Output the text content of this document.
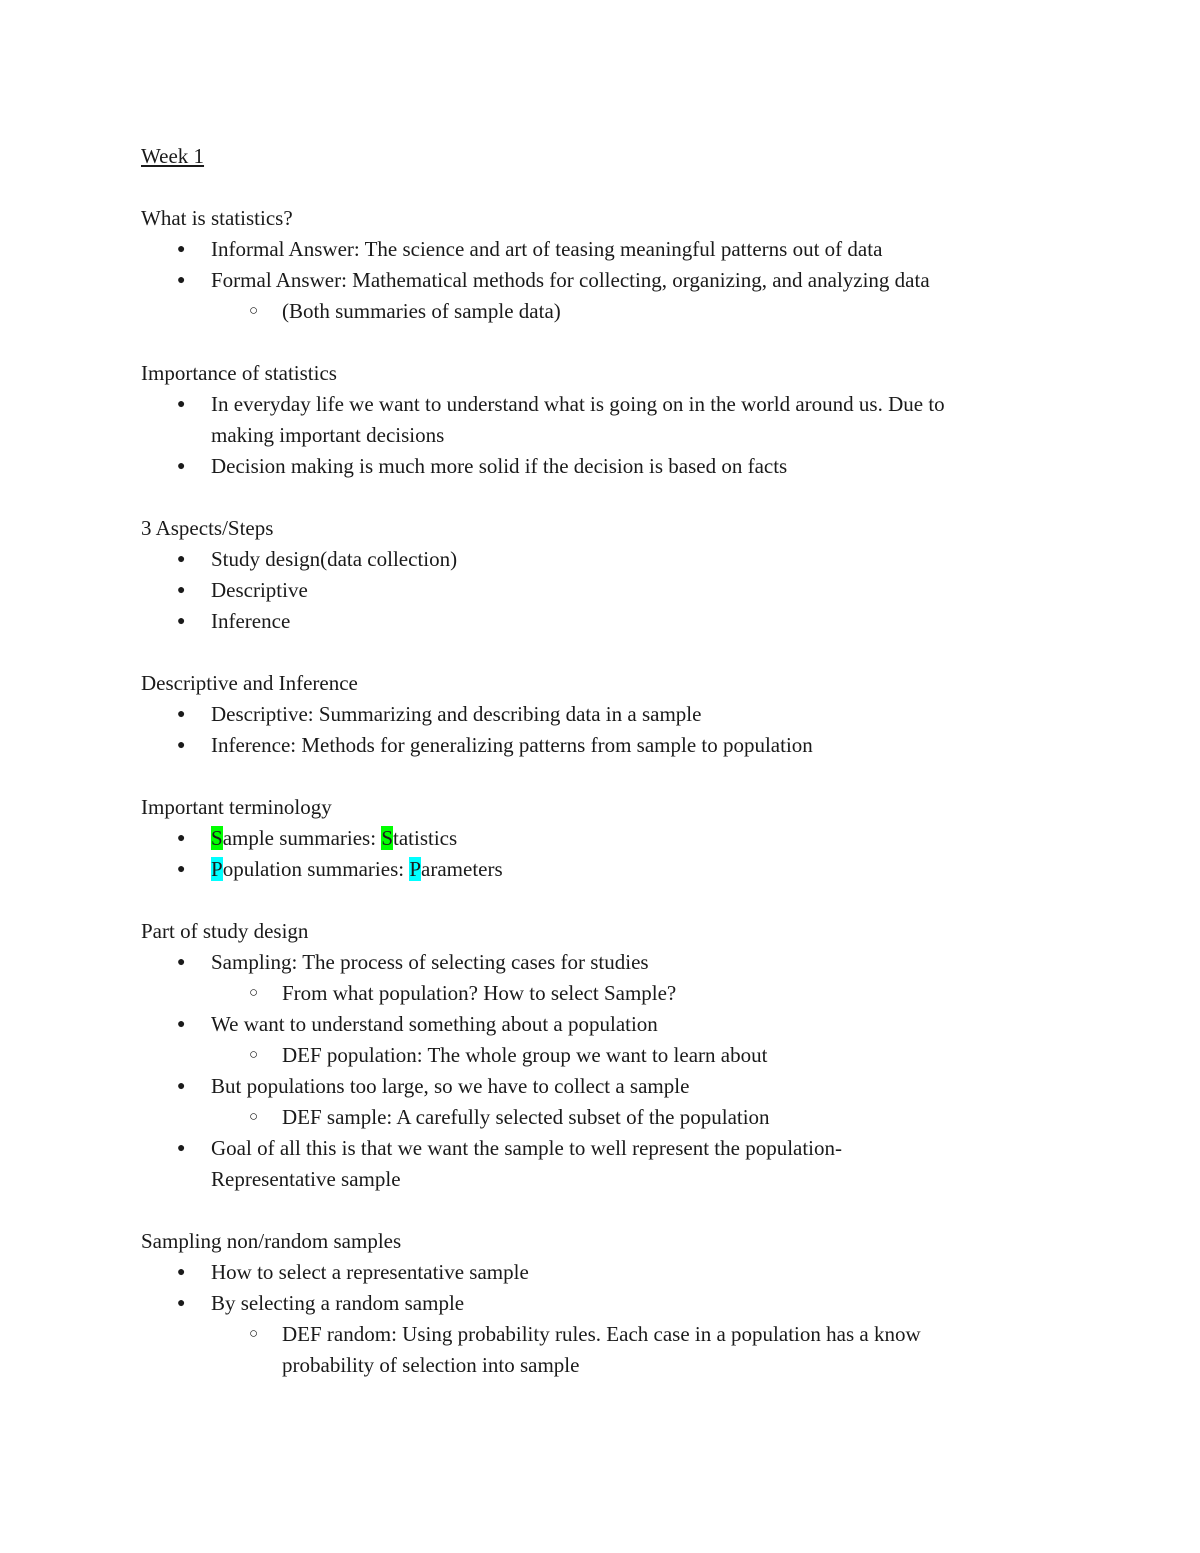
Week 1
What is statistics?
● Informal Answer: The science and art of teasing meaningful patterns out of data
● Formal Answer: Mathematical methods for collecting, organizing, and analyzing data
○ (Both summaries of sample data)
Importance of statistics
● In everyday life we want to understand what is going on in the world around us. Due to
making important decisions
● Decision making is much more solid if the decision is based on facts
3 Aspects/Steps
● Study design(data collection)
● Descriptive
● Inference
Descriptive and Inference
● Descriptive: Summarizing and describing data in a sample
● Inference: Methods for generalizing patterns from sample to population
Important terminology
● Sample summaries: Statistics
● Population summaries: Parameters
Part of study design
● Sampling: The process of selecting cases for studies
○ From what population? How to select Sample?
● We want to understand something about a population
○ DEF population: The whole group we want to learn about
● But populations too large, so we have to collect a sample
○ DEF sample: A carefully selected subset of the population
● Goal of all this is that we want the sample to well represent the population-
Representative sample
Sampling non/random samples
● How to select a representative sample
● By selecting a random sample
○ DEF random: Using probability rules. Each case in a population has a know
probability of selection into sample
